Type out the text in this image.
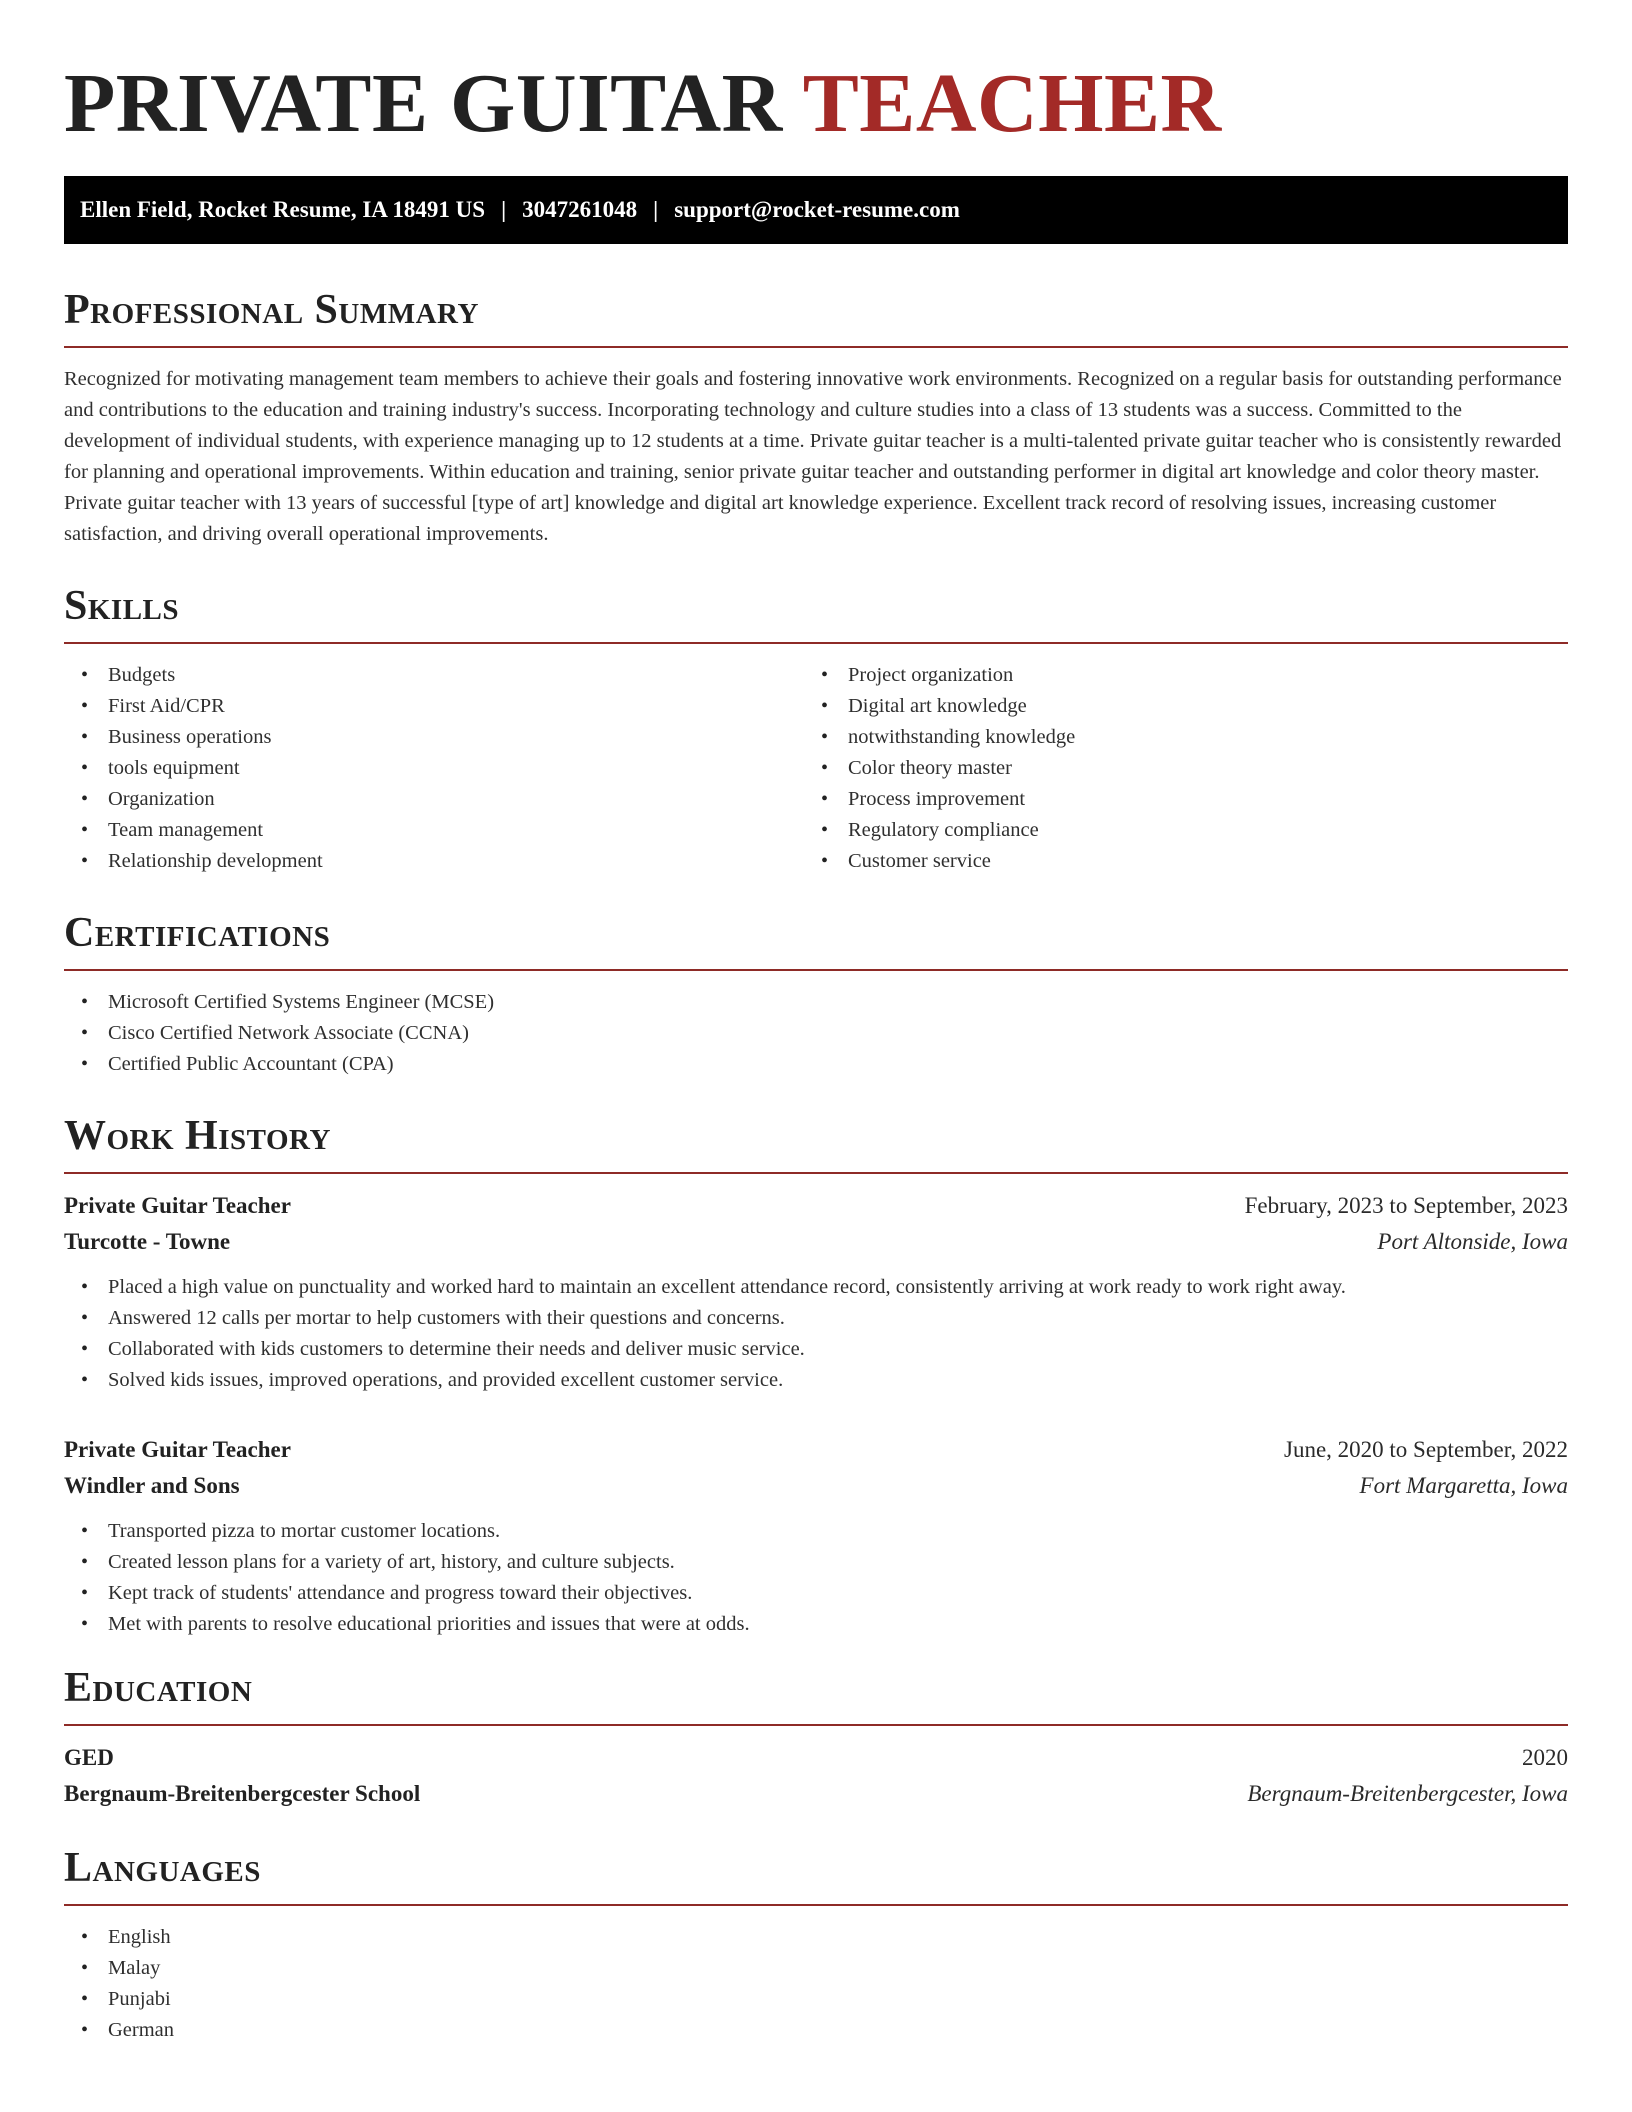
PRIVATE GUITAR TEACHER
Ellen Field, Rocket Resume, IA 18491 US | 3047261048 | support@rocket-resume.com
Professional Summary

Recognized for motivating management team members to achieve their goals and fostering innovative work environments. Recognized on a regular basis for outstanding performance and contributions to the education and training industry's success. Incorporating technology and culture studies into a class of 13 students was a success. Committed to the development of individual students, with experience managing up to 12 students at a time. Private guitar teacher is a multi-talented private guitar teacher who is consistently rewarded for planning and operational improvements. Within education and training, senior private guitar teacher and outstanding performer in digital art knowledge and color theory master. Private guitar teacher with 13 years of successful [type of art] knowledge and digital art knowledge experience. Excellent track record of resolving issues, increasing customer satisfaction, and driving overall operational improvements.

Skills
• Budgets
• First Aid/CPR
• Business operations
• tools equipment
• Organization
• Team management
• Relationship development
• Project organization
• Digital art knowledge
• notwithstanding knowledge
• Color theory master
• Process improvement
• Regulatory compliance
• Customer service
Certifications
• Microsoft Certified Systems Engineer (MCSE)
• Cisco Certified Network Associate (CCNA)
• Certified Public Accountant (CPA)
Work History
Private Guitar Teacher	February, 2023 to September, 2023
Turcotte - Towne	Port Altonside, Iowa
• Placed a high value on punctuality and worked hard to maintain an excellent attendance record, consistently arriving at work ready to work right away.
• Answered 12 calls per mortar to help customers with their questions and concerns.
• Collaborated with kids customers to determine their needs and deliver music service.
• Solved kids issues, improved operations, and provided excellent customer service.
Private Guitar Teacher	June, 2020 to September, 2022
Windler and Sons	Fort Margaretta, Iowa
• Transported pizza to mortar customer locations.
• Created lesson plans for a variety of art, history, and culture subjects.
• Kept track of students' attendance and progress toward their objectives.
• Met with parents to resolve educational priorities and issues that were at odds.
Education
GED	2020
Bergnaum-Breitenbergcester School	Bergnaum-Breitenbergcester, Iowa
Languages
• English
• Malay
• Punjabi
• German
